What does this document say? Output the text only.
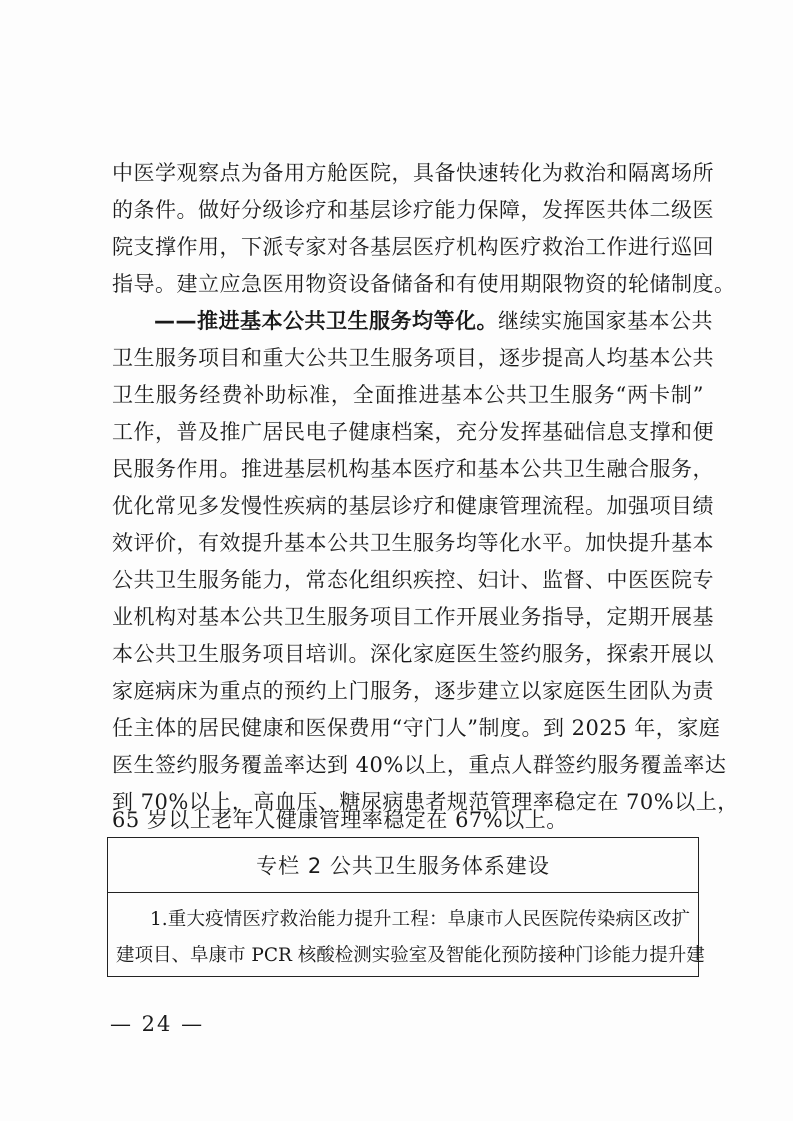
中医学观察点为备用方舱医院，具备快速转化为救治和隔离场所
的条件。做好分级诊疗和基层诊疗能力保障，发挥医共体二级医
院支撑作用，下派专家对各基层医疗机构医疗救治工作进行巡回
指导。建立应急医用物资设备储备和有使用期限物资的轮储制度。
——推进基本公共卫生服务均等化。继续实施国家基本公共
卫生服务项目和重大公共卫生服务项目，逐步提高人均基本公共
卫生服务经费补助标准，全面推进基本公共卫生服务“两卡制”
工作，普及推广居民电子健康档案，充分发挥基础信息支撑和便
民服务作用。推进基层机构基本医疗和基本公共卫生融合服务，
优化常见多发慢性疾病的基层诊疗和健康管理流程。加强项目绩
效评价，有效提升基本公共卫生服务均等化水平。加快提升基本
公共卫生服务能力，常态化组织疾控、妇计、监督、中医医院专
业机构对基本公共卫生服务项目工作开展业务指导，定期开展基
本公共卫生服务项目培训。深化家庭医生签约服务，探索开展以
家庭病床为重点的预约上门服务，逐步建立以家庭医生团队为责
任主体的居民健康和医保费用“守门人”制度。到 2025 年，家庭
医生签约服务覆盖率达到 40%以上，重点人群签约服务覆盖率达
到 70%以上，高血压、糖尿病患者规范管理率稳定在 70%以上，
65 岁以上老年人健康管理率稳定在 67%以上。
专栏 2 公共卫生服务体系建设
1.重大疫情医疗救治能力提升工程：阜康市人民医院传染病区改扩
建项目、阜康市 PCR 核酸检测实验室及智能化预防接种门诊能力提升建
— 24 —
